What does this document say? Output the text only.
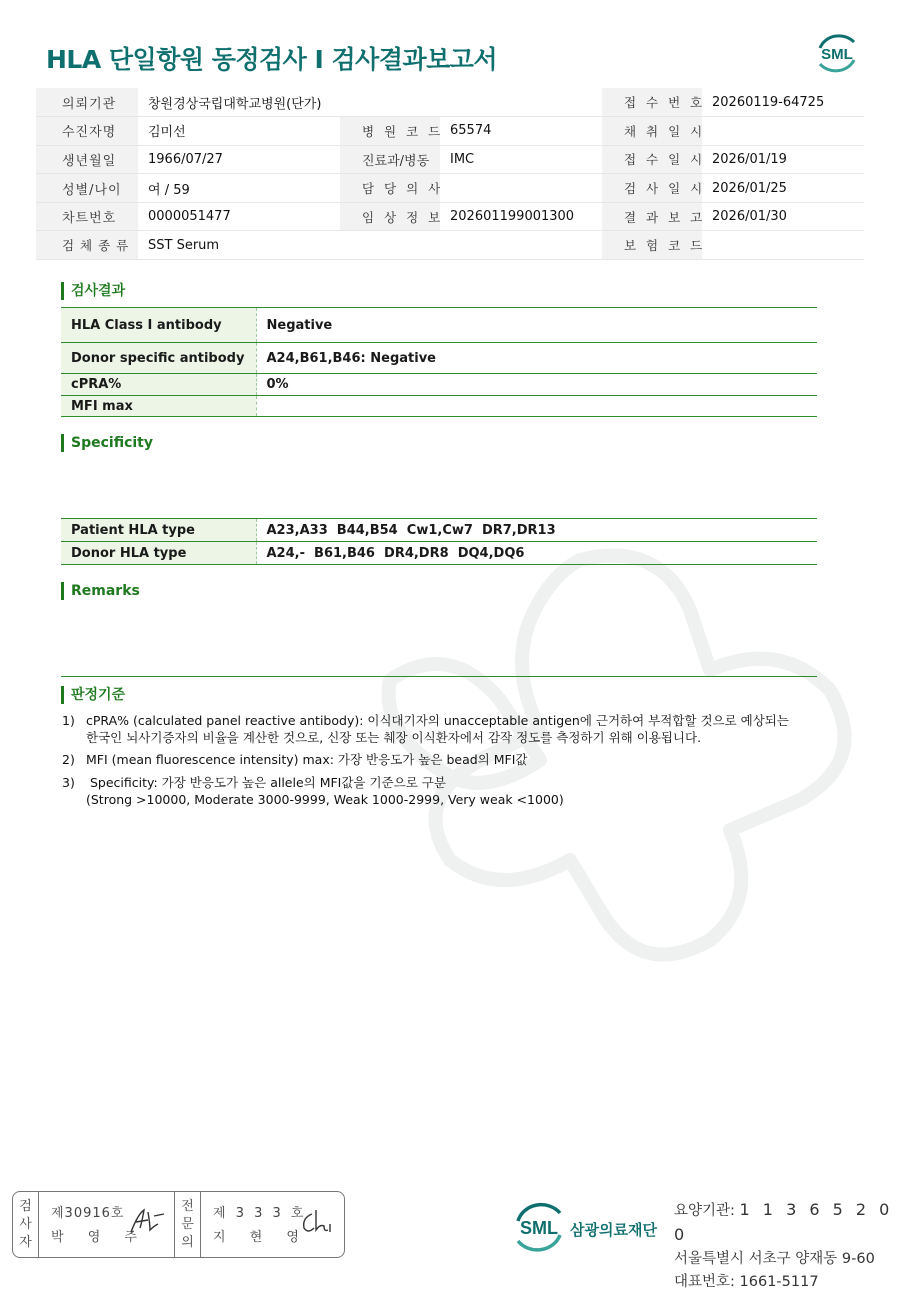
HLA 단일항원 동정검사 I 검사결과보고서	SML
의뢰기관	창원경상국립대학교병원(단가)			접 수 번 호	20260119-64725
수진자명	김미선	병 원 코 드	65574	채 취 일 시	
생년월일	1966/07/27	진료과/병동	IMC	접 수 일 시	2026/01/19
성별/나이	여 / 59	담 당 의 사		검 사 일 시	2026/01/25
차트번호	0000051477	임 상 정 보	202601199001300	결 과 보 고	2026/01/30
검 체 종 류	SST Serum			보 험 코 드	
검사결과
HLA Class I antibody	Negative
Donor specific antibody	A24,B61,B46: Negative
cPRA%	0%
MFI max	
Specificity
Patient HLA type	A23,A33  B44,B54  Cw1,Cw7  DR7,DR13
Donor HLA type	A24,-  B61,B46  DR4,DR8  DQ4,DQ6
Remarks
판정기준
1) cPRA% (calculated panel reactive antibody): 이식대기자의 unacceptable antigen에 근거하여 부적합할 것으로 예상되는
한국인 뇌사기증자의 비율을 계산한 것으로, 신장 또는 췌장 이식환자에서 감작 정도를 측정하기 위해 이용됩니다.
2) MFI (mean fluorescence intensity) max: 가장 반응도가 높은 bead의 MFI값
3) Specificity: 가장 반응도가 높은 allele의 MFI값을 기준으로 구분
(Strong >10000, Moderate 3000-9999, Weak 1000-2999, Very weak <1000)
검
사
자
제30916호
박 영 주
전
문
의
제 3 3 3 호
지 현 영	SML 삼광의료재단
요양기관: 1 1 3 6 5 2 0 0
서울특별시 서초구 양재동 9-60
대표번호: 1661-5117
